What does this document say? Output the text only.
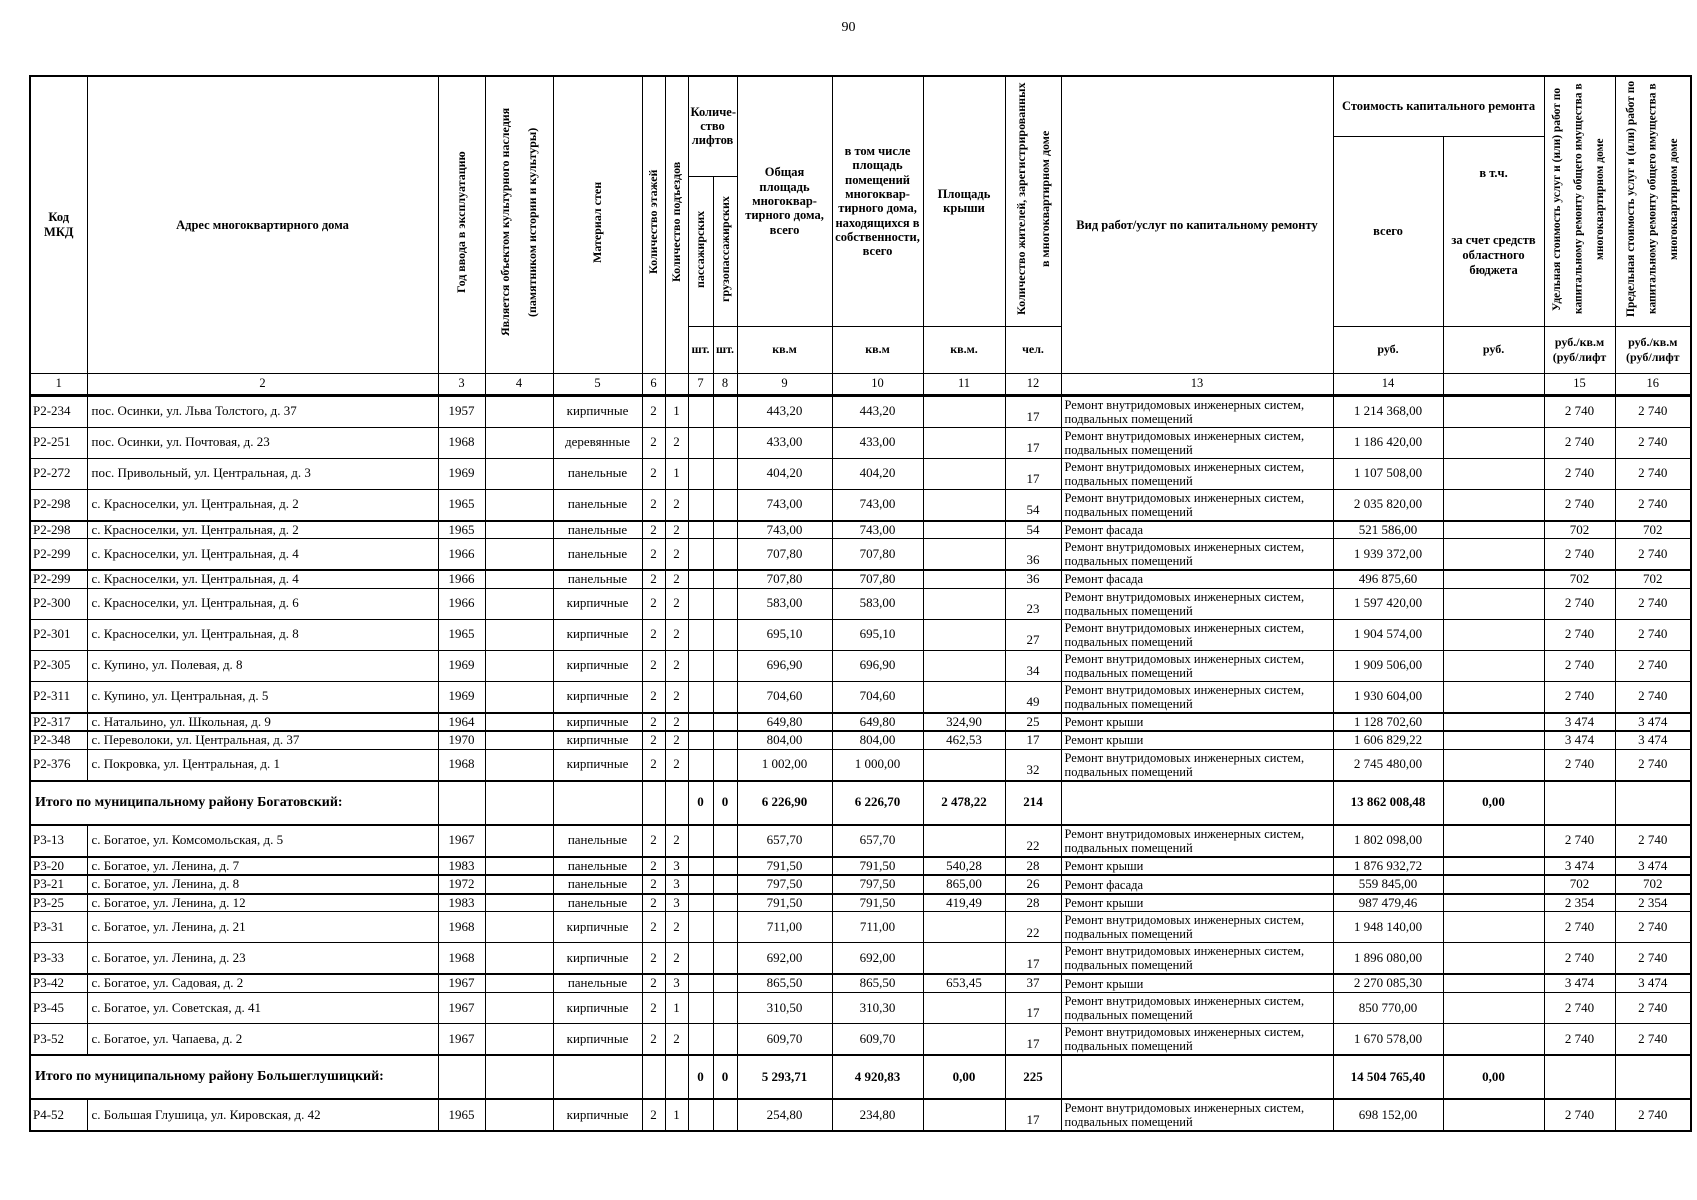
90
Код МКД	Адрес многоквартирного дома	Год ввода в эксплуатацию	Является объектом культурного наследия (памятником истории и культуры)	Материал стен	Количество этажей	Количество подъездов	Количе-ство лифтов		Общая площадь многоквар-тирного дома, всего	в том числе площадь помещений многоквар-тирного дома, находящихся в собственности, всего	Площадь крыши	Количество жителей, зарегистрированных в многоквартирном доме	Вид работ/услуг по капитальному ремонту	Стоимость капитального ремонта		Удельная стоимость услуг и (или) работ по капитальному ремонту общего имущества в многоквартирном доме	Предельная стоимость услуг и (или) работ по капитальному ремонту общего имущества в многоквартирном доме
														всего	в т.ч.
за счет средств областного бюджета		

							пассажирских	грузопассажирских									
							шт.	шт.	кв.м	кв.м	кв.м.	чел.		руб.	руб.	руб./кв.м (руб/лифт	руб./кв.м (руб/лифт
1	2	3	4	5	6		7	8	9	10	11	12	13	14		15	16
Р2-234	пос. Осинки, ул. Льва Толстого, д. 37	1957		кирпичные	2	1			443,20	443,20		17	Ремонт внутридомовых инженерных систем, подвальных помещений	1 214 368,00		2 740	2 740
Р2-251	пос. Осинки, ул. Почтовая, д. 23	1968		деревянные	2	2			433,00	433,00		17	Ремонт внутридомовых инженерных систем, подвальных помещений	1 186 420,00		2 740	2 740
Р2-272	пос. Привольный, ул. Центральная, д. 3	1969		панельные	2	1			404,20	404,20		17	Ремонт внутридомовых инженерных систем, подвальных помещений	1 107 508,00		2 740	2 740
Р2-298	с. Красноселки, ул. Центральная, д. 2	1965		панельные	2	2			743,00	743,00		54	Ремонт внутридомовых инженерных систем, подвальных помещений	2 035 820,00		2 740	2 740
Р2-298	с. Красноселки, ул. Центральная, д. 2	1965		панельные	2	2			743,00	743,00		54	Ремонт фасада	521 586,00		702	702
Р2-299	с. Красноселки, ул. Центральная, д. 4	1966		панельные	2	2			707,80	707,80		36	Ремонт внутридомовых инженерных систем, подвальных помещений	1 939 372,00		2 740	2 740
Р2-299	с. Красноселки, ул. Центральная, д. 4	1966		панельные	2	2			707,80	707,80		36	Ремонт фасада	496 875,60		702	702
Р2-300	с. Красноселки, ул. Центральная, д. 6	1966		кирпичные	2	2			583,00	583,00		23	Ремонт внутридомовых инженерных систем, подвальных помещений	1 597 420,00		2 740	2 740
Р2-301	с. Красноселки, ул. Центральная, д. 8	1965		кирпичные	2	2			695,10	695,10		27	Ремонт внутридомовых инженерных систем, подвальных помещений	1 904 574,00		2 740	2 740
Р2-305	с. Купино, ул. Полевая, д. 8	1969		кирпичные	2	2			696,90	696,90		34	Ремонт внутридомовых инженерных систем, подвальных помещений	1 909 506,00		2 740	2 740
Р2-311	с. Купино, ул. Центральная, д. 5	1969		кирпичные	2	2			704,60	704,60		49	Ремонт внутридомовых инженерных систем, подвальных помещений	1 930 604,00		2 740	2 740
Р2-317	с. Натальино, ул. Школьная, д. 9	1964		кирпичные	2	2			649,80	649,80	324,90	25	Ремонт крыши	1 128 702,60		3 474	3 474
Р2-348	с. Переволоки, ул. Центральная, д. 37	1970		кирпичные	2	2			804,00	804,00	462,53	17	Ремонт крыши	1 606 829,22		3 474	3 474
Р2-376	с. Покровка, ул. Центральная, д. 1	1968		кирпичные	2	2			1 002,00	1 000,00		32	Ремонт внутридомовых инженерных систем, подвальных помещений	2 745 480,00		2 740	2 740
Итого по муниципальному району Богатовский:							0	0	6 226,90	6 226,70	2 478,22	214		13 862 008,48	0,00		
Р3-13	с. Богатое, ул. Комсомольская, д. 5	1967		панельные	2	2			657,70	657,70		22	Ремонт внутридомовых инженерных систем, подвальных помещений	1 802 098,00		2 740	2 740
Р3-20	с. Богатое, ул. Ленина, д. 7	1983		панельные	2	3			791,50	791,50	540,28	28	Ремонт крыши	1 876 932,72		3 474	3 474
Р3-21	с. Богатое, ул. Ленина, д. 8	1972		панельные	2	3			797,50	797,50	865,00	26	Ремонт фасада	559 845,00		702	702
Р3-25	с. Богатое, ул. Ленина, д. 12	1983		панельные	2	3			791,50	791,50	419,49	28	Ремонт крыши	987 479,46		2 354	2 354
Р3-31	с. Богатое, ул. Ленина, д. 21	1968		кирпичные	2	2			711,00	711,00		22	Ремонт внутридомовых инженерных систем, подвальных помещений	1 948 140,00		2 740	2 740
Р3-33	с. Богатое, ул. Ленина, д. 23	1968		кирпичные	2	2			692,00	692,00		17	Ремонт внутридомовых инженерных систем, подвальных помещений	1 896 080,00		2 740	2 740
Р3-42	с. Богатое, ул. Садовая, д. 2	1967		панельные	2	3			865,50	865,50	653,45	37	Ремонт крыши	2 270 085,30		3 474	3 474
Р3-45	с. Богатое, ул. Советская, д. 41	1967		кирпичные	2	1			310,50	310,30		17	Ремонт внутридомовых инженерных систем, подвальных помещений	850 770,00		2 740	2 740
Р3-52	с. Богатое, ул. Чапаева, д. 2	1967		кирпичные	2	2			609,70	609,70		17	Ремонт внутридомовых инженерных систем, подвальных помещений	1 670 578,00		2 740	2 740
Итого по муниципальному району Большеглушицкий:							0	0	5 293,71	4 920,83	0,00	225		14 504 765,40	0,00		
Р4-52	с. Большая Глушица, ул. Кировская, д. 42	1965		кирпичные	2	1			254,80	234,80		17	Ремонт внутридомовых инженерных систем, подвальных помещений	698 152,00		2 740	2 740
